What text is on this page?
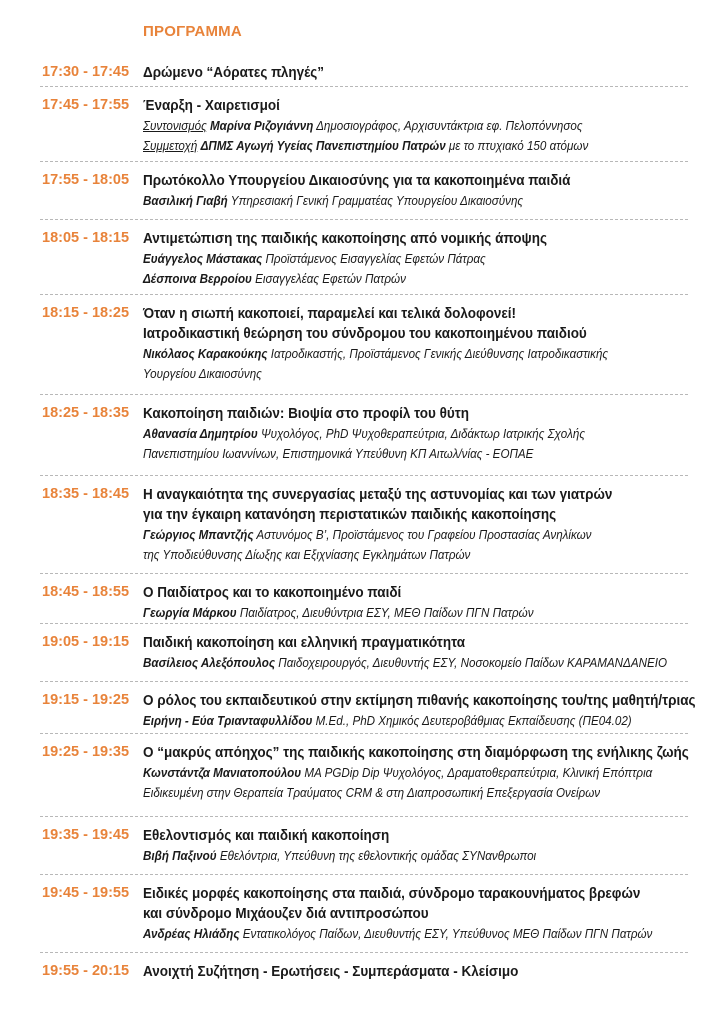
ΠΡΟΓΡΑΜΜΑ
17:30 - 17:45 Δρώμενο “Αόρατες πληγές”
17:45 - 17:55 Έναρξη - Χαιρετισμοί
Συντονισμός Μαρίνα Ριζογιάννη Δημοσιογράφος, Αρχισυντάκτρια εφ. Πελοπόννησος
Συμμετοχή ΔΠΜΣ Αγωγή Υγείας Πανεπιστημίου Πατρών με το πτυχιακό 150 ατόμων
17:55 - 18:05 Πρωτόκολλο Υπουργείου Δικαιοσύνης για τα κακοποιημένα παιδιά
Βασιλική Γιαβή Υπηρεσιακή Γενική Γραμματέας Υπουργείου Δικαιοσύνης
18:05 - 18:15 Αντιμετώπιση της παιδικής κακοποίησης από νομικής άποψης
Ευάγγελος Μάστακας Προϊστάμενος Εισαγγελίας Εφετών Πάτρας
Δέσποινα Βερροίου Εισαγγελέας Εφετών Πατρών
18:15 - 18:25 Όταν η σιωπή κακοποιεί, παραμελεί και τελικά δολοφονεί!
Ιατροδικαστική θεώρηση του σύνδρομου του κακοποιημένου παιδιού
Νικόλαος Καρακούκης Ιατροδικαστής, Προϊστάμενος Γενικής Διεύθυνσης Ιατροδικαστικής
Υουργείου Δικαιοσύνης
18:25 - 18:35 Κακοποίηση παιδιών: Βιοψία στο προφίλ του θύτη
Αθανασία Δημητρίου Ψυχολόγος, PhD Ψυχοθεραπεύτρια, Διδάκτωρ Ιατρικής Σχολής
Πανεπιστημίου Ιωαννίνων, Επιστημονικά Υπεύθυνη ΚΠ Αιτωλ/νίας - ΕΟΠΑΕ
18:35 - 18:45 Η αναγκαιότητα της συνεργασίας μεταξύ της αστυνομίας και των γιατρών
για την έγκαιρη κατανόηση περιστατικών παιδικής κακοποίησης
Γεώργιος Μπαντζής Αστυνόμος Β’, Προϊστάμενος του Γραφείου Προστασίας Ανηλίκων
της Υποδιεύθυνσης Δίωξης και Εξιχνίασης Εγκλημάτων Πατρών
18:45 - 18:55 Ο Παιδίατρος και το κακοποιημένο παιδί
Γεωργία Μάρκου Παιδίατρος, Διευθύντρια ΕΣΥ, ΜΕΘ Παίδων ΠΓΝ Πατρών
19:05 - 19:15 Παιδική κακοποίηση και ελληνική πραγματικότητα
Βασίλειος Αλεξόπουλος Παιδοχειρουργός, Διευθυντής ΕΣΥ, Νοσοκομείο Παίδων ΚΑΡΑΜΑΝΔΑΝΕΙΟ
19:15 - 19:25 Ο ρόλος του εκπαιδευτικού στην εκτίμηση πιθανής κακοποίησης του/της μαθητή/τριας
Ειρήνη - Εύα Τριανταφυλλίδου M.Ed., PhD Χημικός Δευτεροβάθμιας Εκπαίδευσης (ΠΕ04.02)
19:25 - 19:35 Ο “μακρύς απόηχος” της παιδικής κακοποίησης στη διαμόρφωση της ενήλικης ζωής
Κωνστάντζα Μανιατοπούλου MA PGDip Dip Ψυχολόγος, Δραματοθεραπεύτρια, Κλινική Επόπτρια
Ειδικευμένη στην Θεραπεία Τραύματος CRM & στη Διαπροσωπική Επεξεργασία Ονείρων
19:35 - 19:45 Εθελοντισμός και παιδική κακοποίηση
Βιβή Παξινού Εθελόντρια, Υπεύθυνη της εθελοντικής ομάδας ΣΥΝανθρωποι
19:45 - 19:55 Ειδικές μορφές κακοποίησης στα παιδιά, σύνδρομο ταρακουνήματος βρεφών
και σύνδρομο Μιχάουζεν διά αντιπροσώπου
Ανδρέας Ηλιάδης Εντατικολόγος Παίδων, Διευθυντής ΕΣΥ, Υπεύθυνος ΜΕΘ Παίδων ΠΓΝ Πατρών
19:55 - 20:15 Ανοιχτή Συζήτηση - Ερωτήσεις - Συμπεράσματα - Κλείσιμο
